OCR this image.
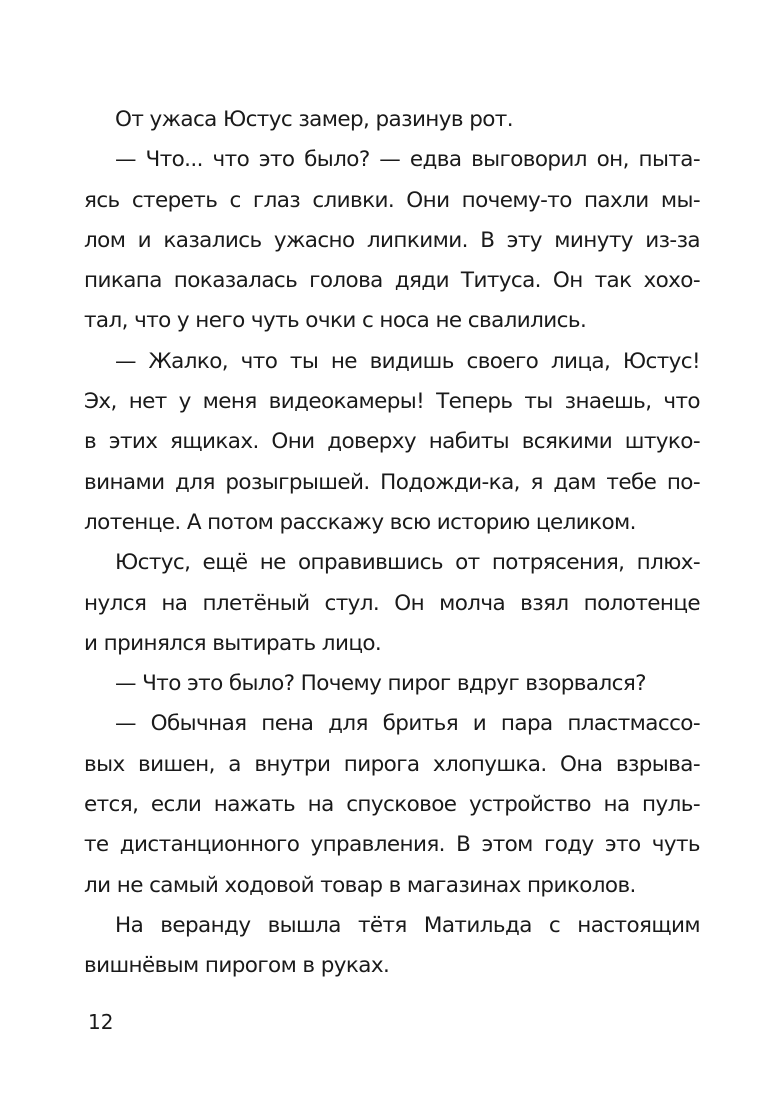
От ужаса Юстус замер, разинув рот.
— Что... что это было? — едва выговорил он, пыта-
ясь стереть с глаз сливки. Они почему-то пахли мы-
лом и казались ужасно липкими. В эту минуту из-за
пикапа показалась голова дяди Титуса. Он так хохо-
тал, что у него чуть очки с носа не свалились.
— Жалко, что ты не видишь своего лица, Юстус!
Эх, нет у меня видеокамеры! Теперь ты знаешь, что
в этих ящиках. Они доверху набиты всякими штуко-
винами для розыгрышей. Подожди-ка, я дам тебе по-
лотенце. А потом расскажу всю историю целиком.
Юстус, ещё не оправившись от потрясения, плюх-
нулся на плетёный стул. Он молча взял полотенце
и принялся вытирать лицо.
— Что это было? Почему пирог вдруг взорвался?
— Обычная пена для бритья и пара пластмассо-
вых вишен, а внутри пирога хлопушка. Она взрыва-
ется, если нажать на спусковое устройство на пуль-
те дистанционного управления. В этом году это чуть
ли не самый ходовой товар в магазинах приколов.
На веранду вышла тётя Матильда с настоящим
вишнёвым пирогом в руках.
12
